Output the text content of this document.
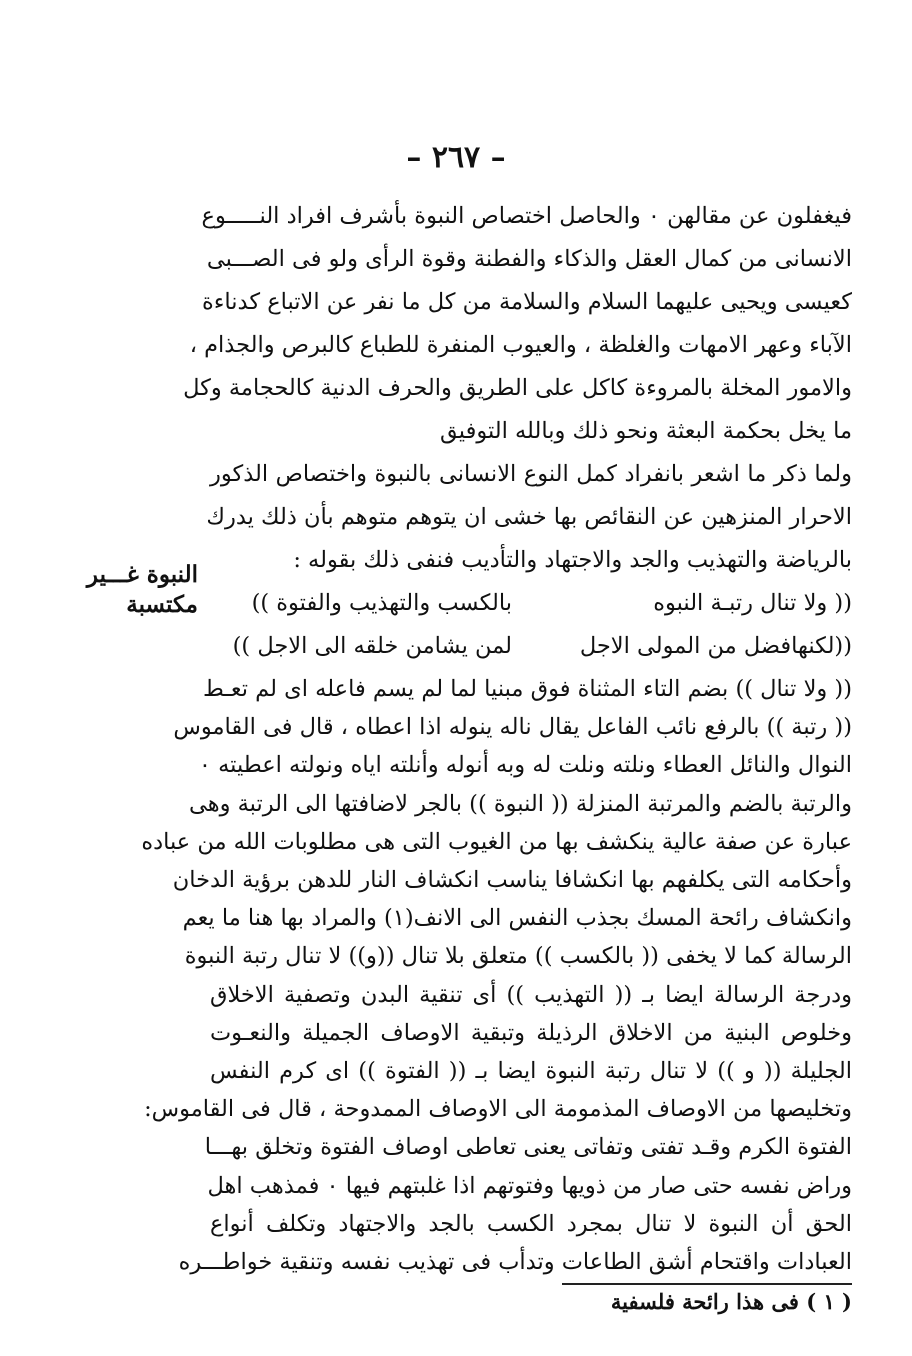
– ٢٦٧ –
فيغفلون عن مقالهن ٠ والحاصل اختصاص النبوة بأشرف افراد النـــــوع
الانسانى من كمال العقل والذكاء والفطنة وقوة الرأى ولو فى الصـــبى
كعيسى ويحيى عليهما السلام والسلامة من كل ما نفر عن الاتباع كدناءة
الآباء وعهر الامهات والغلظة ، والعيوب المنفرة للطباع كالبرص والجذام ،
والامور المخلة بالمروءة كاكل على الطريق والحرف الدنية كالحجامة وكل
ما يخل بحكمة البعثة ونحو ذلك وبالله التوفيق
ولما ذكر ما اشعر بانفراد كمل النوع الانسانى بالنبوة واختصاص الذكور
الاحرار المنزهين عن النقائص بها خشى ان يتوهم متوهم بأن ذلك يدرك
بالرياضة والتهذيب والجد والاجتهاد والتأديب فنفى ذلك بقوله :
(( ولا تنال رتبـة النبوه
بالكسب والتهذيب والفتوة ))
((لكنهافضل من المولى الاجل
لمن يشامن خلقه الى الاجل ))
النبوة غـــير
مكتسبة
( ١ ) فى هذا رائحة فلسفية
(( ولا تنال )) بضم التاء المثناة فوق مبنيا لما لم يسم فاعله اى لم تعـط
(( رتبة )) بالرفع نائب الفاعل يقال ناله ينوله اذا اعطاه ، قال فى القاموس
النوال والنائل العطاء ونلته ونلت له وبه أنوله وأنلته اياه ونولته اعطيته ٠
والرتبة بالضم والمرتبة المنزلة (( النبوة )) بالجر لاضافتها الى الرتبة وهى
عبارة عن صفة عالية ينكشف بها من الغيوب التى هى مطلوبات الله من عباده
وأحكامه التى يكلفهم بها انكشافا يناسب انكشاف النار للدهن برؤية الدخان
وانكشاف رائحة المسك بجذب النفس الى الانف(١) والمراد بها هنا ما يعم
الرسالة كما لا يخفى (( بالكسب )) متعلق بلا تنال ((و)) لا تنال رتبة النبوة
ودرجة الرسالة ايضا بـ (( التهذيب )) أى تنقية البدن وتصفية الاخلاق
وخلوص البنية من الاخلاق الرذيلة وتبقية الاوصاف الجميلة والنعـوت
الجليلة (( و )) لا تنال رتبة النبوة ايضا بـ (( الفتوة )) اى كرم النفس
وتخليصها من الاوصاف المذمومة الى الاوصاف الممدوحة ، قال فى القاموس:
الفتوة الكرم وقـد تفتى وتفاتى يعنى تعاطى اوصاف الفتوة وتخلق بهـــا
وراض نفسه حتى صار من ذويها وفتوتهم اذا غلبتهم فيها ٠ فمذهب اهل
الحق أن النبوة لا تنال بمجرد الكسب بالجد والاجتهاد وتكلف أنواع
العبادات واقتحام أشق الطاعات وتدأب فى تهذيب نفسه وتنقية خواطـــره
